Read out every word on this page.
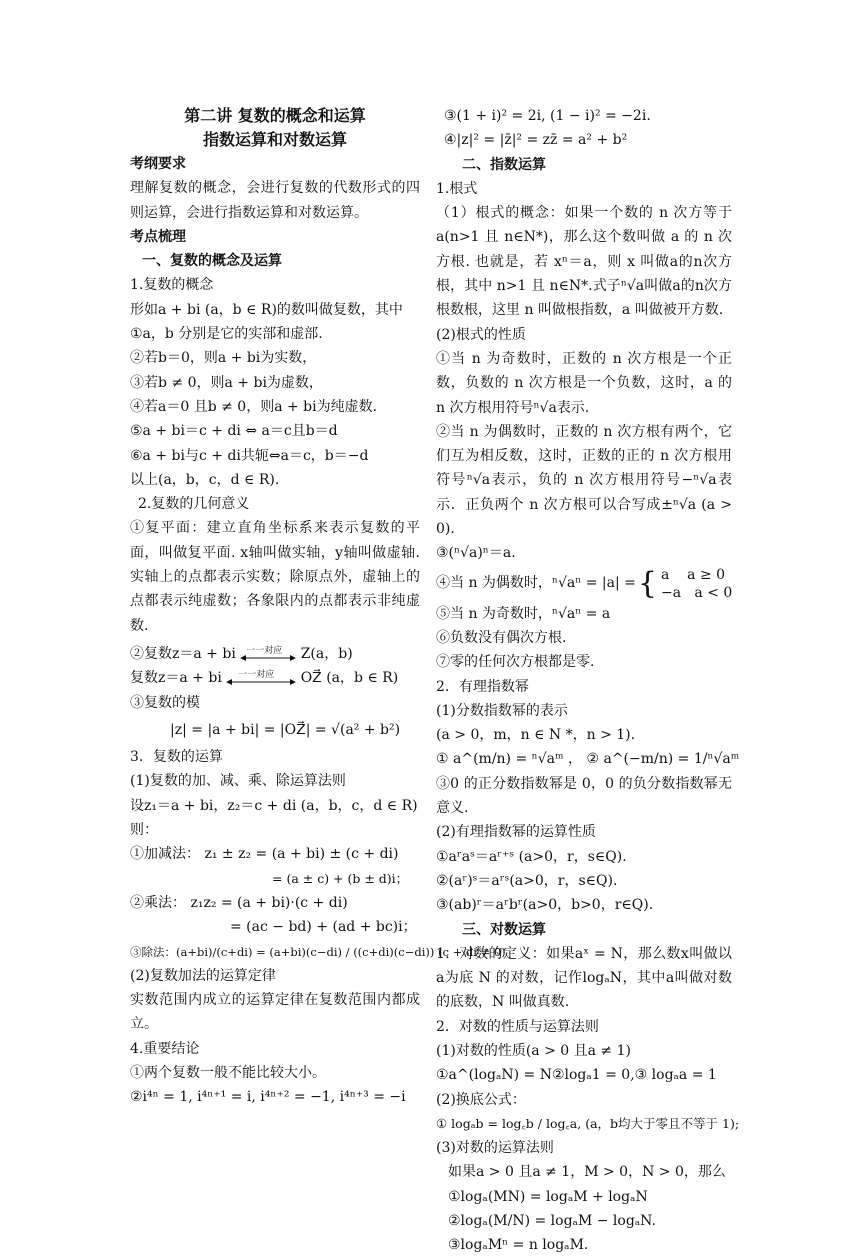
第二讲 复数的概念和运算
指数运算和对数运算
考纲要求
理解复数的概念，会进行复数的代数形式的四则运算，会进行指数运算和对数运算。
考点梳理
一、复数的概念及运算
1.复数的概念
形如a + bi (a，b ∈ R)的数叫做复数，其中
①a，b 分别是它的实部和虚部.
②若b＝0，则a + bi为实数，
③若b ≠ 0，则a + bi为虚数，
④若a＝0 且b ≠ 0，则a + bi为纯虚数.
⑤a + bi＝c + di ⇔ a＝c且b＝d
⑥a + bi与c + di共轭⇔a＝c，b＝−d
以上(a，b，c，d ∈ R).
2.复数的几何意义
①复平面：建立直角坐标系来表示复数的平面，叫做复平面. x轴叫做实轴，y轴叫做虚轴. 实轴上的点都表示实数；除原点外，虚轴上的点都表示纯虚数；各象限内的点都表示非纯虚数.
②复数z＝a + bi 一一对应 Z(a，b)
复数z＝a + bi 一一对应 OZ⃗ (a，b ∈ R)
③复数的模
|z| = |a + bi| = |OZ⃗| = √(a² + b²)
3．复数的运算
(1)复数的加、减、乘、除运算法则
设z₁＝a + bi，z₂＝c + di (a，b，c，d ∈ R)
则：
①加减法： z₁ ± z₂ = (a + bi) ± (c + di)
= (a ± c) + (b ± d)i；
②乘法： z₁z₂ = (a + bi)·(c + di)
= (ac − bd) + (ad + bc)i；
③除法：(a+bi)/(c+di) = (a+bi)(c−di) / ((c+di)(c−di)) (c + di ≠ 0)
(2)复数加法的运算定律
实数范围内成立的运算定律在复数范围内都成立。
4.重要结论
①两个复数一般不能比较大小。
②i⁴ⁿ = 1, i⁴ⁿ⁺¹ = i, i⁴ⁿ⁺² = −1, i⁴ⁿ⁺³ = −i
③(1 + i)² = 2i, (1 − i)² = −2i.
④|z|² = |z̄|² = zz̄ = a² + b²
二、指数运算
1.根式
（1）根式的概念：如果一个数的 n 次方等于 a(n>1 且 n∈N*)，那么这个数叫做 a 的 n 次方根. 也就是，若 xⁿ＝a，则 x 叫做a的n次方根，其中 n>1 且 n∈N*.式子ⁿ√a叫做a的n次方根数根，这里 n 叫做根指数，a 叫做被开方数.
(2)根式的性质
①当 n 为奇数时，正数的 n 次方根是一个正数，负数的 n 次方根是一个负数，这时，a 的 n 次方根用符号ⁿ√a表示.
②当 n 为偶数时，正数的 n 次方根有两个，它们互为相反数，这时，正数的正的 n 次方根用符号ⁿ√a表示，负的 n 次方根用符号−ⁿ√a表示．正负两个 n 次方根可以合写成±ⁿ√a (a > 0).
③(ⁿ√a)ⁿ＝a.
④当 n 为偶数时，ⁿ√aⁿ = |a| = { a    a ≥ 0
−a   a < 0
⑤当 n 为奇数时，ⁿ√aⁿ = a
⑥负数没有偶次方根.
⑦零的任何次方根都是零.
2．有理指数幂
(1)分数指数幂的表示
(a > 0，m，n ∈ N *，n > 1).
① a^(m/n) = ⁿ√aᵐ ， ② a^(−m/n) = 1/ⁿ√aᵐ
③0 的正分数指数幂是 0，0 的负分数指数幂无意义.
(2)有理指数幂的运算性质
①aʳaˢ＝aʳ⁺ˢ (a>0，r，s∈Q).
②(aʳ)ˢ＝aʳˢ(a>0，r，s∈Q).
③(ab)ʳ＝aʳbʳ(a>0，b>0，r∈Q).
三、对数运算
1．对数的定义：如果aˣ = N，那么数x叫做以a为底 N 的对数，记作logₐN，其中a叫做对数的底数，N 叫做真数.
2．对数的性质与运算法则
(1)对数的性质(a > 0 且a ≠ 1)
①a^(logₐN) = N②logₐ1 = 0,③ logₐa = 1 (2)换底公式：
① logₐb = log꜀b / log꜀a, (a，b均大于零且不等于 1);
(3)对数的运算法则
如果a > 0 且a ≠ 1，M > 0，N > 0，那么
①logₐ(MN) = logₐM + logₐN
②logₐ(M/N) = logₐM − logₐN.
③logₐMⁿ = n logₐM.
